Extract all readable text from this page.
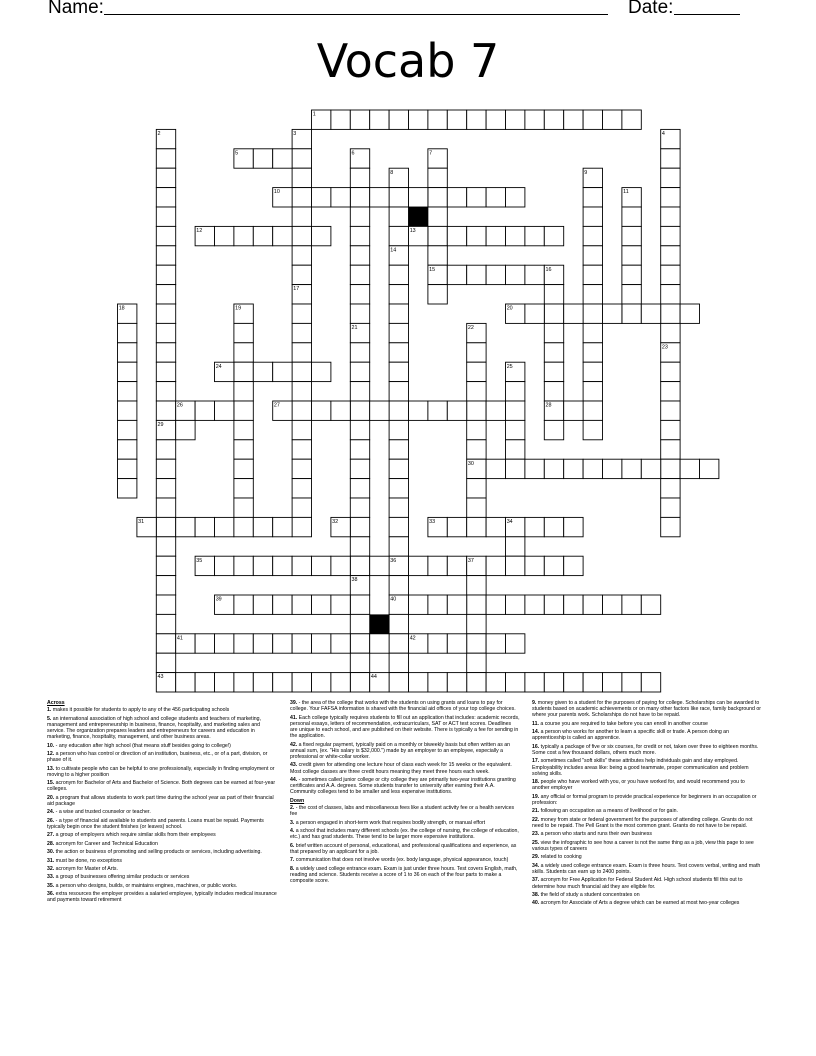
Name:	Date:
Vocab 7
1
2	3	4
5	6	7
8	9
10	11
12	13
14
15	16
17
18	19	20
21	22
23
24	25
26	27	28
29
30
31	32	33	34
35	36	37
38
39	40
41	42
43	44
Across
1. makes it possible for students to apply to any of the 456 participating schools
5. an international association of high school and college students and teachers of marketing, management and entrepreneurship in business, finance, hospitality, and marketing sales and service. The organization prepares leaders and entrepreneurs for careers and education in marketing, finance, hospitality, management, and other business areas.
10. - any education after high school (that means stuff besides going to college!)
12. a person who has control or direction of an institution, business, etc., or of a part, division, or phase of it.
13. to cultivate people who can be helpful to one professionally, especially in finding employment or moving to a higher position
15. acronym for Bachelor of Arts and Bachelor of Science. Both degrees can be earned at four-year colleges.
20. a program that allows students to work part time during the school year as part of their financial aid package
24. - a wise and trusted counselor or teacher.
26. - a type of financial aid available to students and parents. Loans must be repaid. Payments typically begin once the student finishes (or leaves) school.
27. a group of employers which require similar skills from their employees
28. acronym for Career and Technical Education
30. the action or business of promoting and selling products or services, including advertising.
31. must be done, no exceptions
32. acronym for Master of Arts.
33. a group of businesses offering similar products or services
35. a person who designs, builds, or maintains engines, machines, or public works.
36. extra resources the employer provides a salaried employee, typically includes medical insurance and payments toward retirement
39. - the area of the college that works with the students on using grants and loans to pay for college. Your FAFSA information is shared with the financial aid offices of your top college choices.
41. Each college typically requires students to fill out an application that includes: academic records, personal essays, letters of recommendation, extracurriculars, SAT or ACT test scores. Deadlines are unique to each school, and are published on their website. There is typically a fee for sending in the application.
42. a fixed regular payment, typically paid on a monthly or biweekly basis but often written as an annual sum, (ex. "His salary is $32,000.") made by an employer to an employee, especially a professional or white-collar worker.
43. credit given for attending one lecture hour of class each week for 15 weeks or the equivalent. Most college classes are three credit hours meaning they meet three hours each week.
44. - sometimes called junior college or city college they are primarily two-year institutions granting certificates and A.A. degrees. Some students transfer to university after earning their A.A. Community colleges tend to be smaller and less expensive institutions.
Down
2. - the cost of classes, labs and miscellaneous fees like a student activity fee or a health services fee
3. a person engaged in short-term work that requires bodily strength, or manual effort
4. a school that includes many different schools (ex. the college of nursing, the college of education, etc.) and has grad students. These tend to be larger more expensive institutions.
6. brief written account of personal, educational, and professional qualifications and experience, as that prepared by an applicant for a job.
7. communication that does not involve words (ex. body language, physical appearance, touch)
8. a widely used college entrance exam. Exam is just under three hours. Test covers English, math, reading and science. Students receive a score of 1 to 36 on each of the four parts to make a composite score.
9. money given to a student for the purposes of paying for college. Scholarships can be awarded to students based on academic achievements or on many other factors like race, family background or where your parents work. Scholarships do not have to be repaid.
11. a course you are required to take before you can enroll in another course
14. a person who works for another to learn a specific skill or trade. A person doing an apprenticeship is called an apprentice.
16. typically a package of five or six courses, for credit or not, taken over three to eighteen months. Some cost a few thousand dollars, others much more.
17. sometimes called "soft skills" these attributes help individuals gain and stay employed. Employability includes areas like: being a good teammate, proper communication and problem solving skills.
18. people who have worked with you, or you have worked for, and would recommend you to another employer
19. any official or formal program to provide practical experience for beginners in an occupation or profession:
21. following an occupation as a means of livelihood or for gain.
22. money from state or federal government for the purposes of attending college. Grants do not need to be repaid. The Pell Grant is the most common grant. Grants do not have to be repaid.
23. a person who starts and runs their own business
25. view the infographic to see how a career is not the same thing as a job, view this page to see various types of careers
29. related to cooking
34. a widely used college entrance exam. Exam is three hours. Test covers verbal, writing and math skills. Students can earn up to 2400 points.
37. acronym for Free Application for Federal Student Aid. High school students fill this out to determine how much financial aid they are eligible for.
38. the field of study a student concentrates on
40. acronym for Associate of Arts a degree which can be earned at most two-year colleges
